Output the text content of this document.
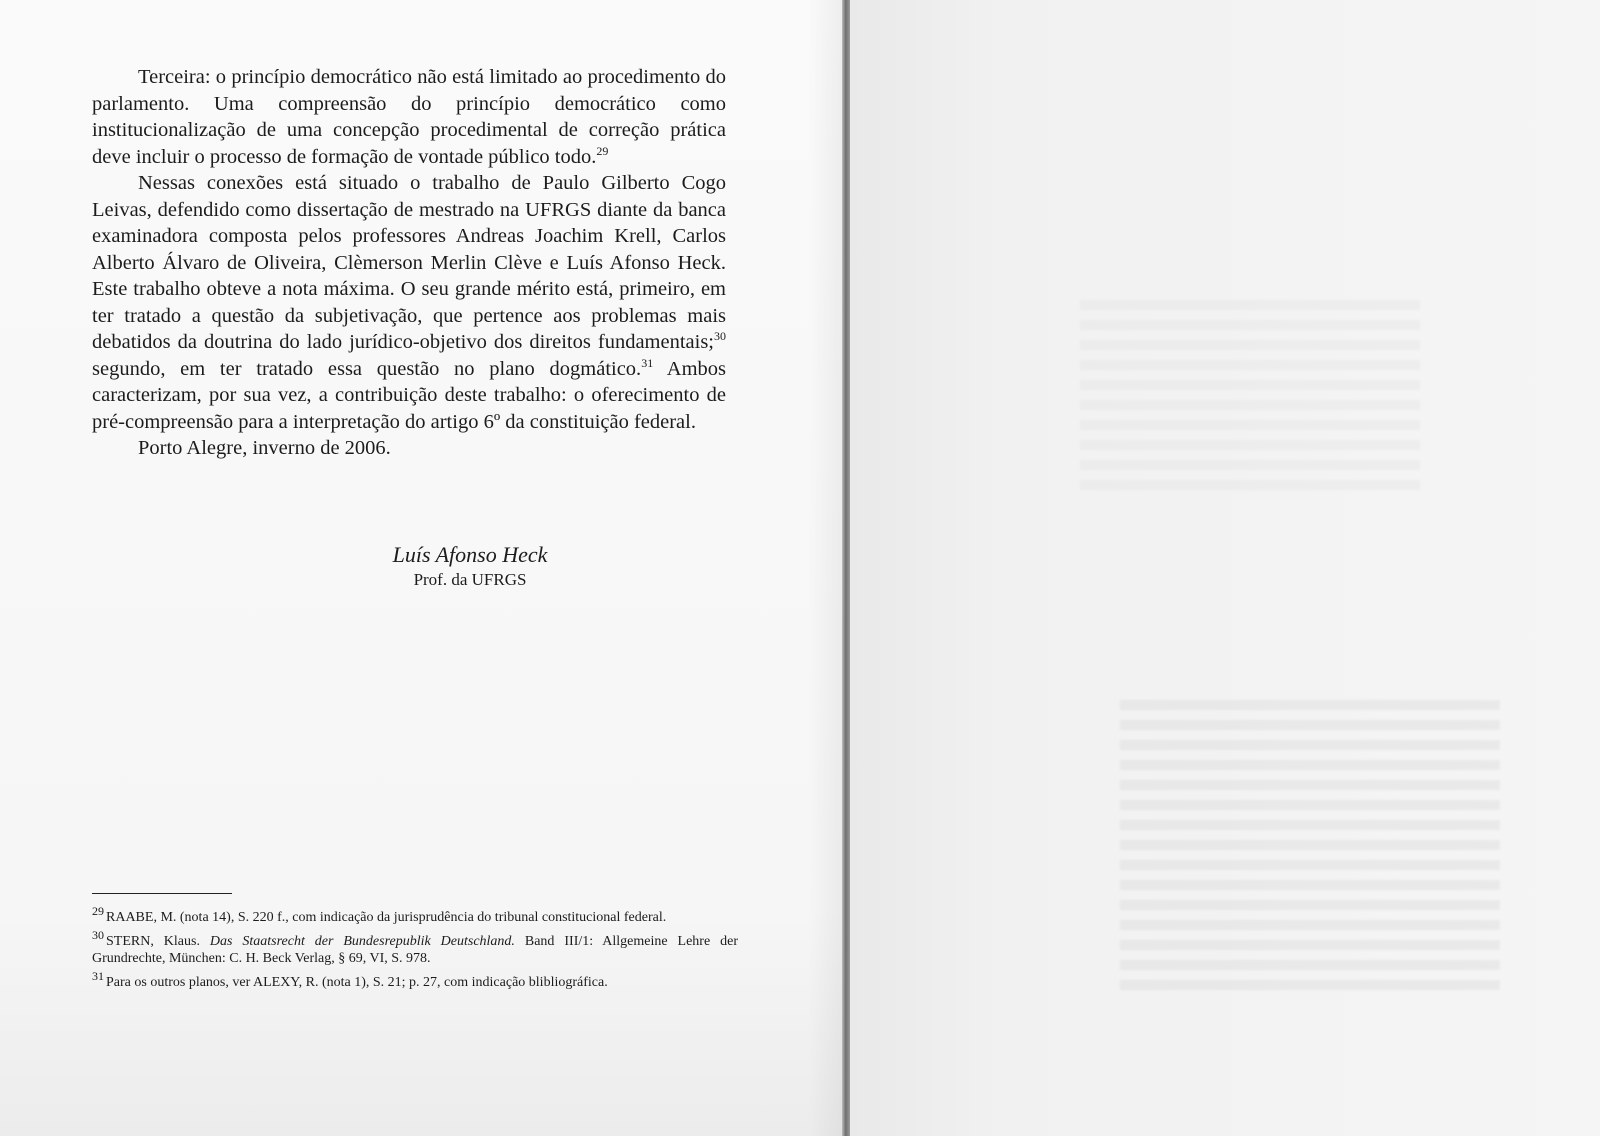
Terceira: o princípio democrático não está limitado ao procedimento do parlamento. Uma compreensão do princípio democrático como institucionalização de uma concepção procedimental de correção prática deve incluir o processo de formação de vontade público todo.$^{29}$

Nessas conexões está situado o trabalho de Paulo Gilberto Cogo Leivas, defendido como dissertação de mestrado na UFRGS diante da banca examinadora composta pelos professores Andreas Joachim Krell, Carlos Alberto Álvaro de Oliveira, Clèmerson Merlin Clève e Luís Afonso Heck. Este trabalho obteve a nota máxima. O seu grande mérito está, primeiro, em ter tratado a questão da subjetivação, que pertence aos problemas mais debatidos da doutrina do lado jurídico-objetivo dos direitos fundamentais;$^{30}$ segundo, em ter tratado essa questão no plano dogmático.$^{31}$ Ambos caracterizam, por sua vez, a contribuição deste trabalho: o oferecimento de pré-compreensão para a interpretação do artigo 6º da constituição federal.

Porto Alegre, inverno de 2006.

Luís Afonso Heck
Prof. da UFRGS

29 RAABE, M. (nota 14), S. 220 f., com indicação da jurisprudência do tribunal constitucional federal.

30 STERN, Klaus. Das Staatsrecht der Bundesrepublik Deutschland. Band III/1: Allgemeine Lehre der Grundrechte, München: C. H. Beck Verlag, § 69, VI, S. 978.

31 Para os outros planos, ver ALEXY, R. (nota 1), S. 21; p. 27, com indicação blibliográfica.
